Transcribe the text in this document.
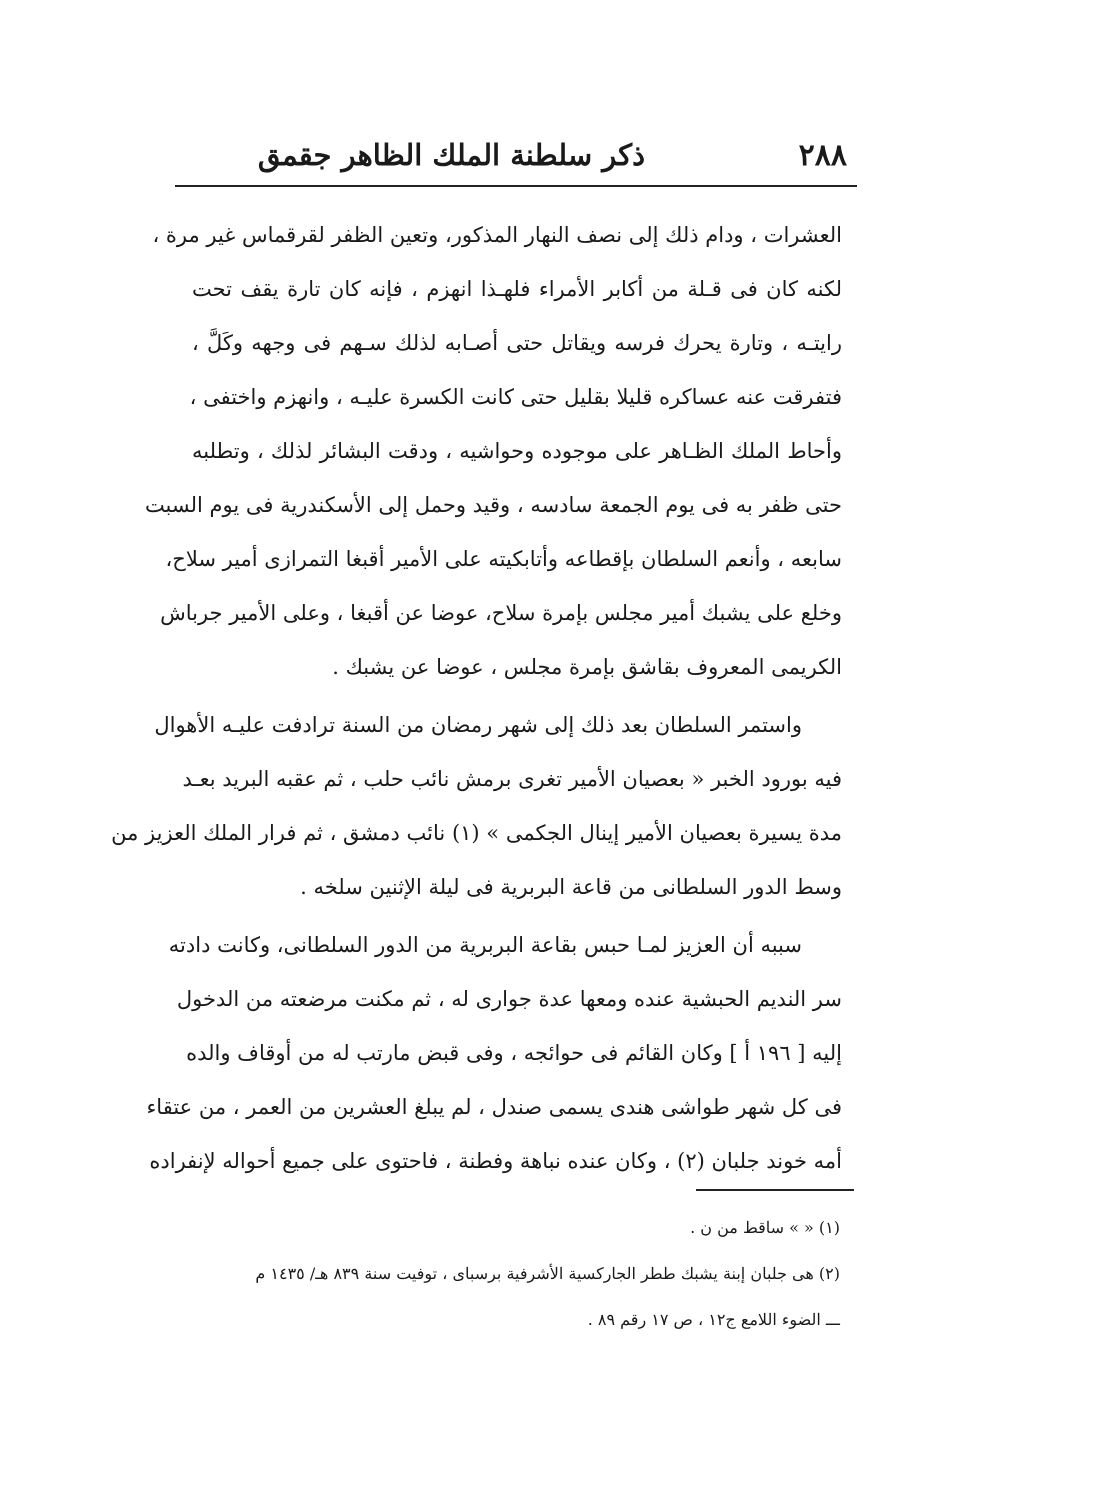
٢٨٨
ذكر سلطنة الملك الظاهر جقمق
العشرات ، ودام ذلك إلى نصف النهار المذكور، وتعين الظفر لقرقماس غير مرة ،
لكنه كان فى قـلة من أكابر الأمراء فلهـذا انهزم ، فإنه كان تارة يقف تحت
رايتـه ، وتارة يحرك فرسه ويقاتل حتى أصـابه لذلك سـهم فى وجهه وكَلَّ ،
فتفرقت عنه عساكره قليلا بقليل حتى كانت الكسرة عليـه ، وانهزم واختفى ،
وأحاط الملك الظـاهر على موجوده وحواشيه ، ودقت البشائر لذلك ، وتطلبه
حتى ظفر به فى يوم الجمعة سادسه ، وقيد وحمل إلى الأسكندرية فى يوم السبت
سابعه ، وأنعم السلطان بإقطاعه وأتابكيته على الأمير أقبغا التمرازى أمير سلاح،
وخلع على يشبك أمير مجلس بإمرة سلاح، عوضا عن أقبغا ، وعلى الأمير جرباش
الكريمى المعروف بقاشق بإمرة مجلس ، عوضا عن يشبك .
واستمر السلطان بعد ذلك إلى شهر رمضان من السنة ترادفت عليـه الأهوال
فيه بورود الخبر « بعصيان الأمير تغرى برمش نائب حلب ، ثم عقبه البريد بعـد
مدة يسيرة بعصيان الأمير إينال الجكمى » (١) نائب دمشق ، ثم فرار الملك العزيز من
وسط الدور السلطانى من قاعة البربرية فى ليلة الإثنين سلخه .
سببه أن العزيز لمـا حبس بقاعة البربرية من الدور السلطانى، وكانت دادته
سر النديم الحبشية عنده ومعها عدة جوارى له ، ثم مكنت مرضعته من الدخول
إليه [ ١٩٦ أ ] وكان القائم فى حوائجه ، وفى قبض مارتب له من أوقاف والده
فى كل شهر طواشى هندى يسمى صندل ، لم يبلغ العشرين من العمر ، من عتقاء
أمه خوند جلبان (٢) ، وكان عنده نباهة وفطنة ، فاحتوى على جميع أحواله لإنفراده
(١) « » ساقط من ن .
(٢) هى جلبان إبنة يشبك ططر الجاركسية الأشرفية برسباى ، توفيت سنة ٨٣٩ هـ/ ١٤٣٥ م
ـــ الضوء اللامع ج١٢ ، ص ١٧ رقم ٨٩ .
